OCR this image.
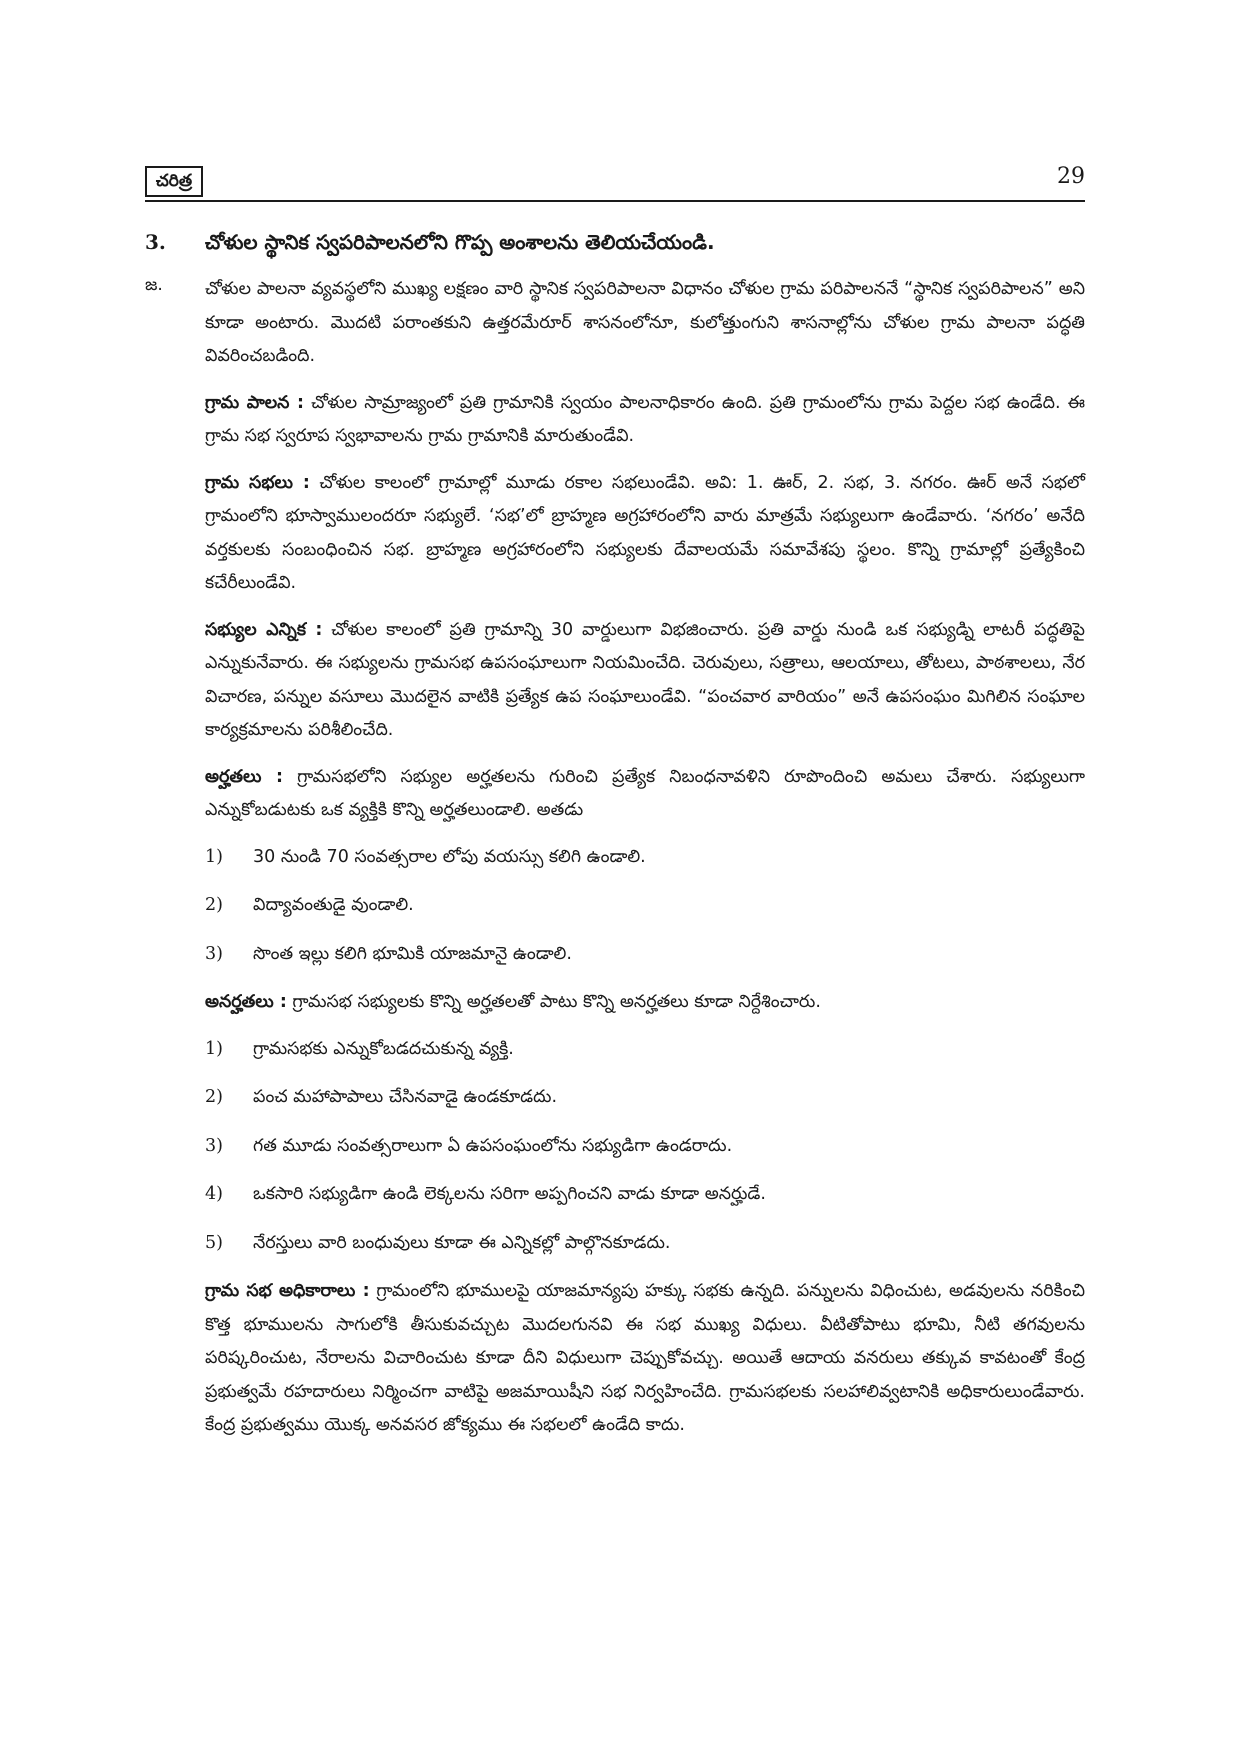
చరిత్ర	29
3. చోళుల స్థానిక స్వపరిపాలనలోని గొప్ప అంశాలను తెలియచేయండి.
జ. చోళుల పాలనా వ్యవస్థలోని ముఖ్య లక్షణం వారి స్థానిక స్వపరిపాలనా విధానం చోళుల గ్రామ పరిపాలననే “స్థానిక స్వపరిపాలన” అని కూడా అంటారు. మొదటి పరాంతకుని ఉత్తరమేరూర్ శాసనంలోనూ, కులోత్తుంగుని శాసనాల్లోను చోళుల గ్రామ పాలనా పద్ధతి వివరించబడింది.

గ్రామ పాలన : చోళుల సామ్రాజ్యంలో ప్రతి గ్రామానికి స్వయం పాలనాధికారం ఉంది. ప్రతి గ్రామంలోను గ్రామ పెద్దల సభ ఉండేది. ఈ గ్రామ సభ స్వరూప స్వభావాలను గ్రామ గ్రామానికి మారుతుండేవి.

గ్రామ సభలు : చోళుల కాలంలో గ్రామాల్లో మూడు రకాల సభలుండేవి. అవి: 1. ఊర్, 2. సభ, 3. నగరం. ఊర్ అనే సభలో గ్రామంలోని భూస్వాములందరూ సభ్యులే. ‘సభ’లో బ్రాహ్మణ అగ్రహారంలోని వారు మాత్రమే సభ్యులుగా ఉండేవారు. ‘నగరం’ అనేది వర్తకులకు సంబంధించిన సభ. బ్రాహ్మణ అగ్రహారంలోని సభ్యులకు దేవాలయమే సమావేశపు స్థలం. కొన్ని గ్రామాల్లో ప్రత్యేకించి కచేరీలుండేవి.

సభ్యుల ఎన్నిక : చోళుల కాలంలో ప్రతి గ్రామాన్ని 30 వార్డులుగా విభజించారు. ప్రతి వార్డు నుండి ఒక సభ్యుడ్ని లాటరీ పద్ధతిపై ఎన్నుకునేవారు. ఈ సభ్యులను గ్రామసభ ఉపసంఘాలుగా నియమించేది. చెరువులు, సత్రాలు, ఆలయాలు, తోటలు, పాఠశాలలు, నేర విచారణ, పన్నుల వసూలు మొదలైన వాటికి ప్రత్యేక ఉప సంఘాలుండేవి. “పంచవార వారియం” అనే ఉపసంఘం మిగిలిన సంఘాల కార్యక్రమాలను పరిశీలించేది.

అర్హతలు : గ్రామసభలోని సభ్యుల అర్హతలను గురించి ప్రత్యేక నిబంధనావళిని రూపొందించి అమలు చేశారు. సభ్యులుగా ఎన్నుకోబడుటకు ఒక వ్యక్తికి కొన్ని అర్హతలుండాలి. అతడు

1) 30 నుండి 70 సంవత్సరాల లోపు వయస్సు కలిగి ఉండాలి.
2) విద్యావంతుడై వుండాలి.
3) సొంత ఇల్లు కలిగి భూమికి యాజమానై ఉండాలి.

అనర్హతలు : గ్రామసభ సభ్యులకు కొన్ని అర్హతలతో పాటు కొన్ని అనర్హతలు కూడా నిర్దేశించారు.

1) గ్రామసభకు ఎన్నుకోబడదచుకున్న వ్యక్తి.
2) పంచ మహాపాపాలు చేసినవాడై ఉండకూడదు.
3) గత మూడు సంవత్సరాలుగా ఏ ఉపసంఘంలోను సభ్యుడిగా ఉండరాదు.
4) ఒకసారి సభ్యుడిగా ఉండి లెక్కలను సరిగా అప్పగించని వాడు కూడా అనర్హుడే.
5) నేరస్తులు వారి బంధువులు కూడా ఈ ఎన్నికల్లో పాల్గొనకూడదు.

గ్రామ సభ అధికారాలు : గ్రామంలోని భూములపై యాజమాన్యపు హక్కు సభకు ఉన్నది. పన్నులను విధించుట, అడవులను నరికించి కొత్త భూములను సాగులోకి తీసుకువచ్చుట మొదలగునవి ఈ సభ ముఖ్య విధులు. వీటితోపాటు భూమి, నీటి తగవులను పరిష్కరించుట, నేరాలను విచారించుట కూడా దీని విధులుగా చెప్పుకోవచ్చు. అయితే ఆదాయ వనరులు తక్కువ కావటంతో కేంద్ర ప్రభుత్వమే రహదారులు నిర్మించగా వాటిపై అజమాయిషీని సభ నిర్వహించేది. గ్రామసభలకు సలహాలివ్వటానికి అధికారులుండేవారు. కేంద్ర ప్రభుత్వము యొక్క అనవసర జోక్యము ఈ సభలలో ఉండేది కాదు.
